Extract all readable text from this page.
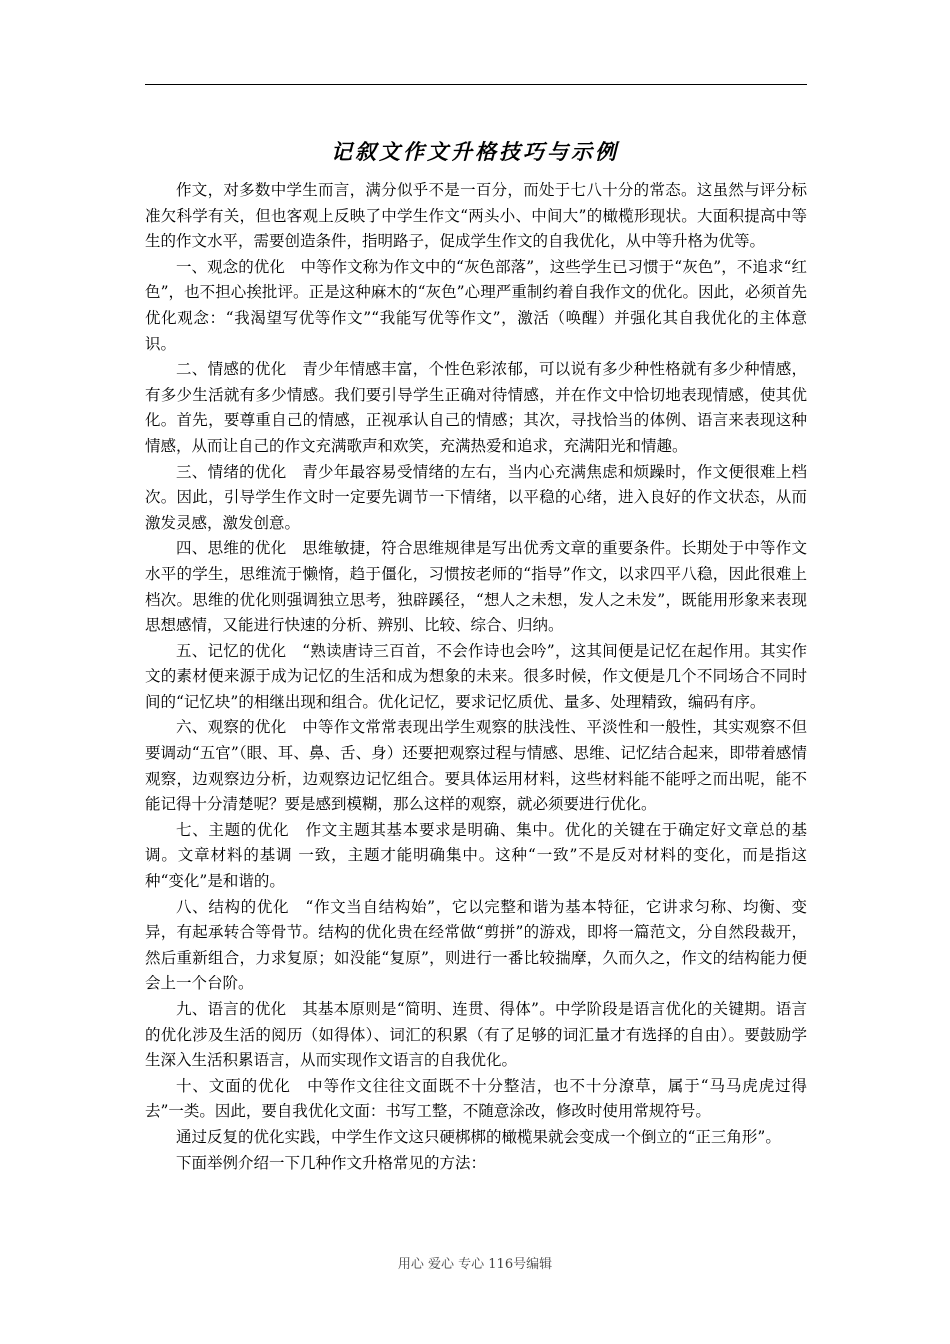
记叙文作文升格技巧与示例

作文，对多数中学生而言，满分似乎不是一百分，而处于七八十分的常态。这虽然与评分标准欠科学有关，但也客观上反映了中学生作文“两头小、中间大”的橄榄形现状。大面积提高中等生的作文水平，需要创造条件，指明路子，促成学生作文的自我优化，从中等升格为优等。

一、观念的优化　中等作文称为作文中的“灰色部落”，这些学生已习惯于“灰色”，不追求“红色”，也不担心挨批评。正是这种麻木的“灰色”心理严重制约着自我作文的优化。因此，必须首先优化观念：“我渴望写优等作文”“我能写优等作文”，激活（唤醒）并强化其自我优化的主体意识。

二、情感的优化　青少年情感丰富，个性色彩浓郁，可以说有多少种性格就有多少种情感，有多少生活就有多少情感。我们要引导学生正确对待情感，并在作文中恰切地表现情感，使其优化。首先，要尊重自己的情感，正视承认自己的情感；其次，寻找恰当的体例、语言来表现这种情感，从而让自己的作文充满歌声和欢笑，充满热爱和追求，充满阳光和情趣。

三、情绪的优化　青少年最容易受情绪的左右，当内心充满焦虑和烦躁时，作文便很难上档次。因此，引导学生作文时一定要先调节一下情绪，以平稳的心绪，进入良好的作文状态，从而激发灵感，激发创意。

四、思维的优化　思维敏捷，符合思维规律是写出优秀文章的重要条件。长期处于中等作文水平的学生，思维流于懒惰，趋于僵化，习惯按老师的“指导”作文，以求四平八稳，因此很难上档次。思维的优化则强调独立思考，独辟蹊径，“想人之未想，发人之未发”，既能用形象来表现思想感情，又能进行快速的分析、辨别、比较、综合、归纳。

五、记忆的优化　“熟读唐诗三百首，不会作诗也会吟”，这其间便是记忆在起作用。其实作文的素材便来源于成为记忆的生活和成为想象的未来。很多时候，作文便是几个不同场合不同时间的“记忆块”的相继出现和组合。优化记忆，要求记忆质优、量多、处理精致，编码有序。

六、观察的优化　中等作文常常表现出学生观察的肤浅性、平淡性和一般性，其实观察不但要调动“五官”（眼、耳、鼻、舌、身）还要把观察过程与情感、思维、记忆结合起来，即带着感情观察，边观察边分析，边观察边记忆组合。要具体运用材料，这些材料能不能呼之而出呢，能不能记得十分清楚呢？要是感到模糊，那么这样的观察，就必须要进行优化。

七、主题的优化　作文主题其基本要求是明确、集中。优化的关键在于确定好文章总的基调。文章材料的基调 一致，主题才能明确集中。这种“一致”不是反对材料的变化，而是指这种“变化”是和谐的。

八、结构的优化　“作文当自结构始”，它以完整和谐为基本特征，它讲求匀称、均衡、变异，有起承转合等骨节。结构的优化贵在经常做“剪拼”的游戏，即将一篇范文，分自然段裁开，然后重新组合，力求复原；如没能“复原”，则进行一番比较揣摩，久而久之，作文的结构能力便会上一个台阶。

九、语言的优化　其基本原则是“简明、连贯、得体”。中学阶段是语言优化的关键期。语言的优化涉及生活的阅历（如得体）、词汇的积累（有了足够的词汇量才有选择的自由）。要鼓励学生深入生活积累语言，从而实现作文语言的自我优化。

十、文面的优化　中等作文往往文面既不十分整洁，也不十分潦草，属于“马马虎虎过得去”一类。因此，要自我优化文面：书写工整，不随意涂改，修改时使用常规符号。

通过反复的优化实践，中学生作文这只硬梆梆的橄榄果就会变成一个倒立的“正三角形”。

下面举例介绍一下几种作文升格常见的方法：

用心 爱心 专心 116号编辑
